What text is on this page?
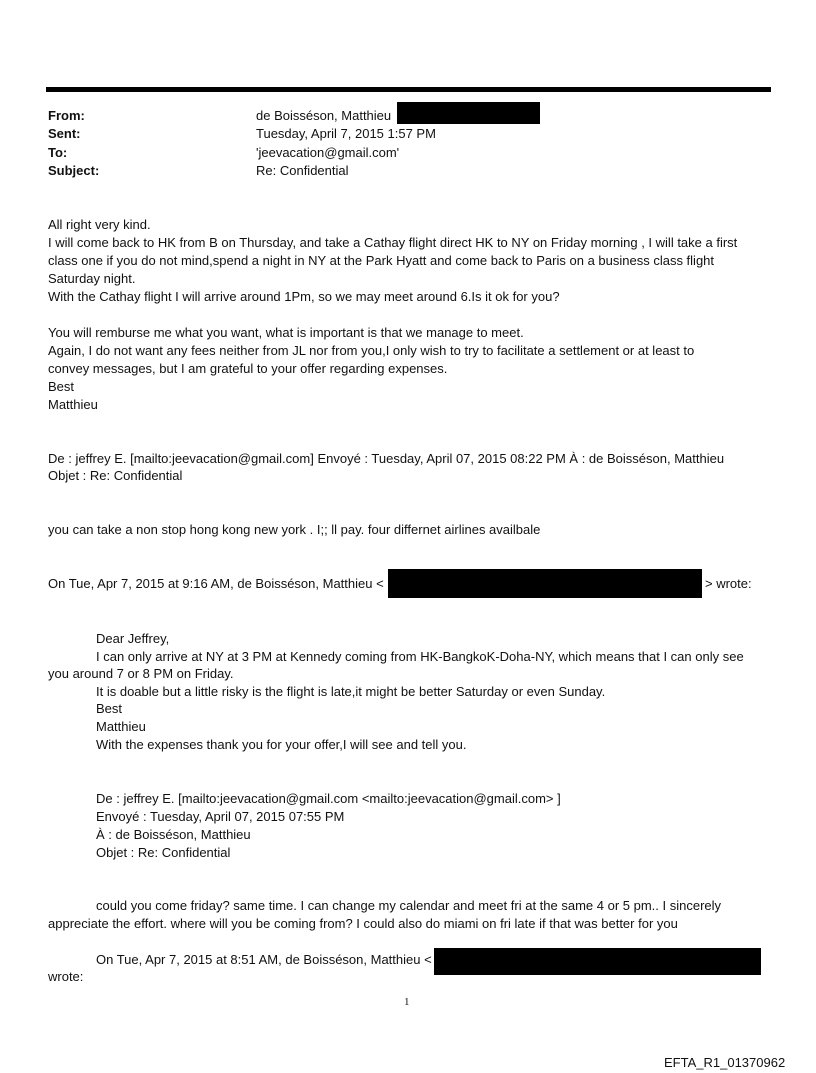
From:	de Boisséson, Matthieu
Sent:	Tuesday, April 7, 2015 1:57 PM
To:	'jeevacation@gmail.com'
Subject:	Re: Confidential
All right very kind.
I will come back to HK from B on Thursday, and take a Cathay flight direct HK to NY on Friday morning , I will take a first
class one if you do not mind,spend a night in NY at the Park Hyatt and come back to Paris on a business class flight
Saturday night.
With the Cathay flight I will arrive around 1Pm, so we may meet around 6.Is it ok for you?
You will remburse me what you want, what is important is that we manage to meet.
Again, I do not want any fees neither from JL nor from you,I only wish to try to facilitate a settlement or at least to
convey messages, but I am grateful to your offer regarding expenses.
Best
Matthieu
De : jeffrey E. [mailto:jeevacation@gmail.com] Envoyé : Tuesday, April 07, 2015 08:22 PM À : de Boisséson, Matthieu
Objet : Re: Confidential
you can take a non stop hong kong new york . I;; ll pay. four differnet airlines availbale
On Tue, Apr 7, 2015 at 9:16 AM, de Boisséson, Matthieu <	> wrote:
Dear Jeffrey,
I can only arrive at NY at 3 PM at Kennedy coming from HK-BangkoK-Doha-NY, which means that I can only see
you around 7 or 8 PM on Friday.
It is doable but a little risky is the flight is late,it might be better Saturday or even Sunday.
Best
Matthieu
With the expenses thank you for your offer,I will see and tell you.
De : jeffrey E. [mailto:jeevacation@gmail.com <mailto:jeevacation@gmail.com> ]
Envoyé : Tuesday, April 07, 2015 07:55 PM
À : de Boisséson, Matthieu
Objet : Re: Confidential
could you come friday? same time. I can change my calendar and meet fri at the same 4 or 5 pm.. I sincerely
appreciate the effort. where will you be coming from? I could also do miami on fri late if that was better for you
On Tue, Apr 7, 2015 at 8:51 AM, de Boisséson, Matthieu <
wrote:
1
EFTA_R1_01370962
